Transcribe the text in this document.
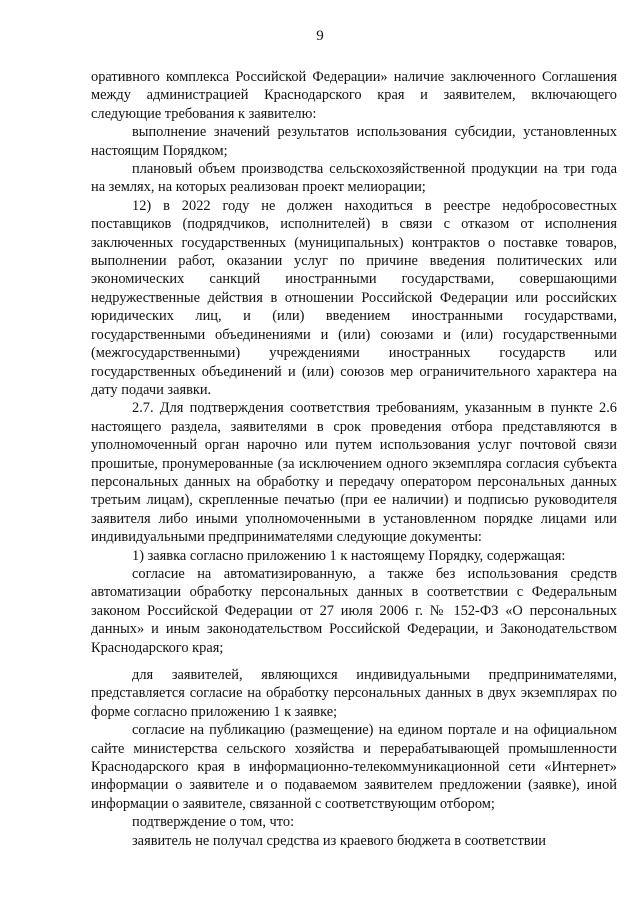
9

оративного комплекса Российской Федерации» наличие заключенного Соглашения между администрацией Краснодарского края и заявителем, включающего следующие требования к заявителю:

выполнение значений результатов использования субсидии, установленных настоящим Порядком;

плановый объем производства сельскохозяйственной продукции на три года на землях, на которых реализован проект мелиорации;

12) в 2022 году не должен находиться в реестре недобросовестных поставщиков (подрядчиков, исполнителей) в связи с отказом от исполнения заключенных государственных (муниципальных) контрактов о поставке товаров, выполнении работ, оказании услуг по причине введения политических или экономических санкций иностранными государствами, совершающими недружественные действия в отношении Российской Федерации или российских юридических лиц, и (или) введением иностранными государствами, государственными объединениями и (или) союзами и (или) государственными (межгосударственными) учреждениями иностранных государств или государственных объединений и (или) союзов мер ограничительного характера на дату подачи заявки.

2.7. Для подтверждения соответствия требованиям, указанным в пункте 2.6 настоящего раздела, заявителями в срок проведения отбора представляются в уполномоченный орган нарочно или путем использования услуг почтовой связи прошитые, пронумерованные (за исключением одного экземпляра согласия субъекта персональных данных на обработку и передачу оператором персональных данных третьим лицам), скрепленные печатью (при ее наличии) и подписью руководителя заявителя либо иными уполномоченными в установленном порядке лицами или индивидуальными предпринимателями следующие документы:

1) заявка согласно приложению 1 к настоящему Порядку, содержащая:

согласие на автоматизированную, а также без использования средств автоматизации обработку персональных данных в соответствии с Федеральным законом Российской Федерации от 27 июля 2006 г. № 152-ФЗ «О персональных данных» и иным законодательством Российской Федерации, и Законодательством Краснодарского края;

для заявителей, являющихся индивидуальными предпринимателями, представляется согласие на обработку персональных данных в двух экземплярах по форме согласно приложению 1 к заявке;

согласие на публикацию (размещение) на едином портале и на официальном сайте министерства сельского хозяйства и перерабатывающей промышленности Краснодарского края в информационно-телекоммуникационной сети «Интернет» информации о заявителе и о подаваемом заявителем предложении (заявке), иной информации о заявителе, связанной с соответствующим отбором;

подтверждение о том, что:

заявитель не получал средства из краевого бюджета в соответствии
